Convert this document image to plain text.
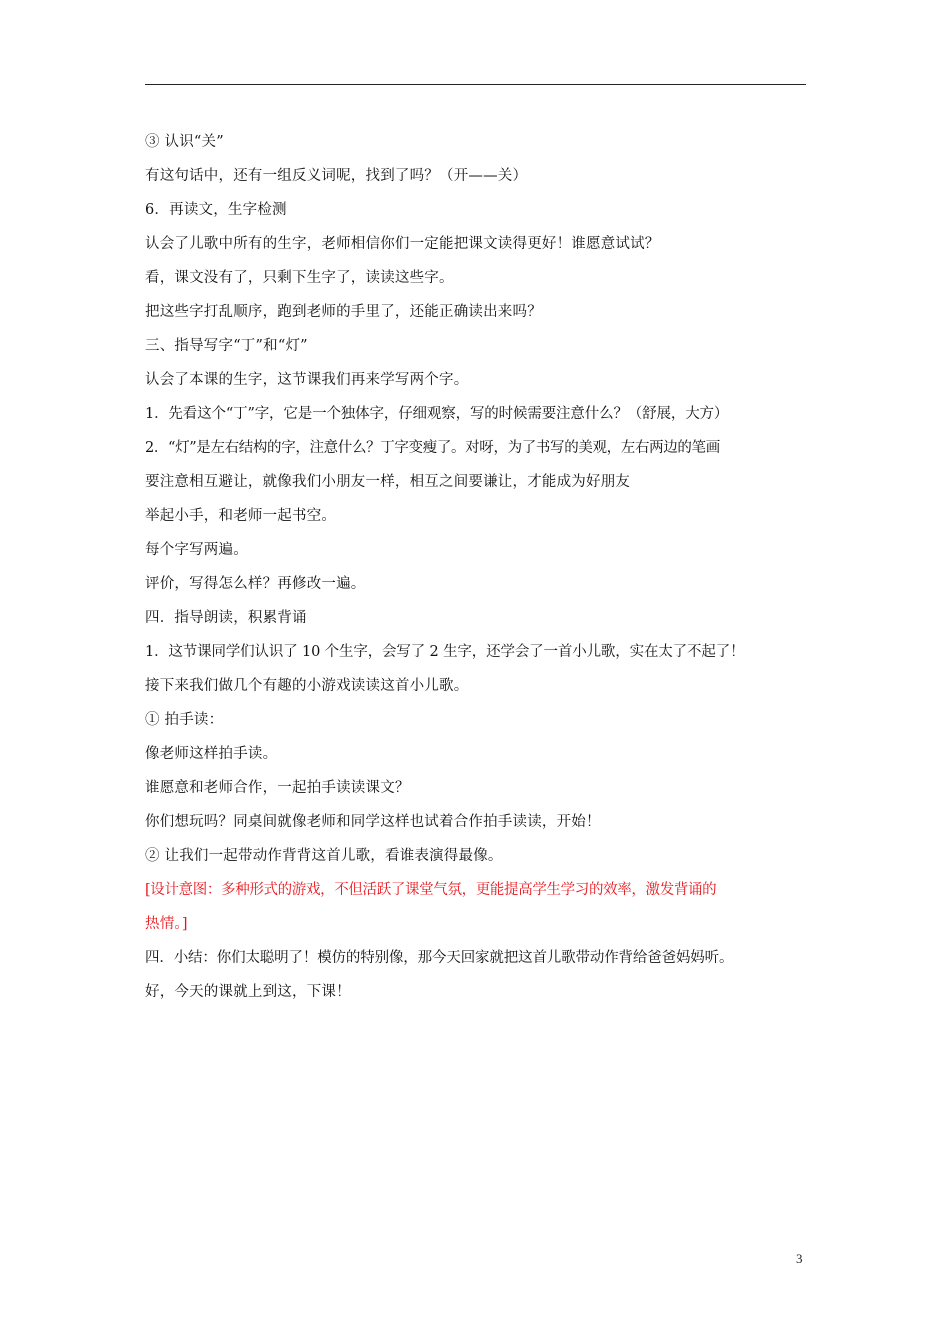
③ 认识“关”
有这句话中，还有一组反义词呢，找到了吗？（开——关）
6．再读文，生字检测
认会了儿歌中所有的生字，老师相信你们一定能把课文读得更好！谁愿意试试？
看，课文没有了，只剩下生字了，读读这些字。
把这些字打乱顺序，跑到老师的手里了，还能正确读出来吗？
三、指导写字“丁”和“灯”
认会了本课的生字，这节课我们再来学写两个字。
1．先看这个“丁”字，它是一个独体字，仔细观察，写的时候需要注意什么？（舒展，大方）
2．“灯”是左右结构的字，注意什么？丁字变瘦了。对呀，为了书写的美观，左右两边的笔画
要注意相互避让，就像我们小朋友一样，相互之间要谦让，才能成为好朋友
举起小手，和老师一起书空。
每个字写两遍。
评价，写得怎么样？再修改一遍。
四．指导朗读，积累背诵
1．这节课同学们认识了 10 个生字，会写了 2 生字，还学会了一首小儿歌，实在太了不起了！
接下来我们做几个有趣的小游戏读读这首小儿歌。
① 拍手读：
像老师这样拍手读。
谁愿意和老师合作，一起拍手读读课文？
你们想玩吗？同桌间就像老师和同学这样也试着合作拍手读读，开始！
② 让我们一起带动作背背这首儿歌，看谁表演得最像。
[设计意图：多种形式的游戏，不但活跃了课堂气氛，更能提高学生学习的效率，激发背诵的
热情。]
四．小结：你们太聪明了！模仿的特别像，那今天回家就把这首儿歌带动作背给爸爸妈妈听。
好，今天的课就上到这，下课！
3
